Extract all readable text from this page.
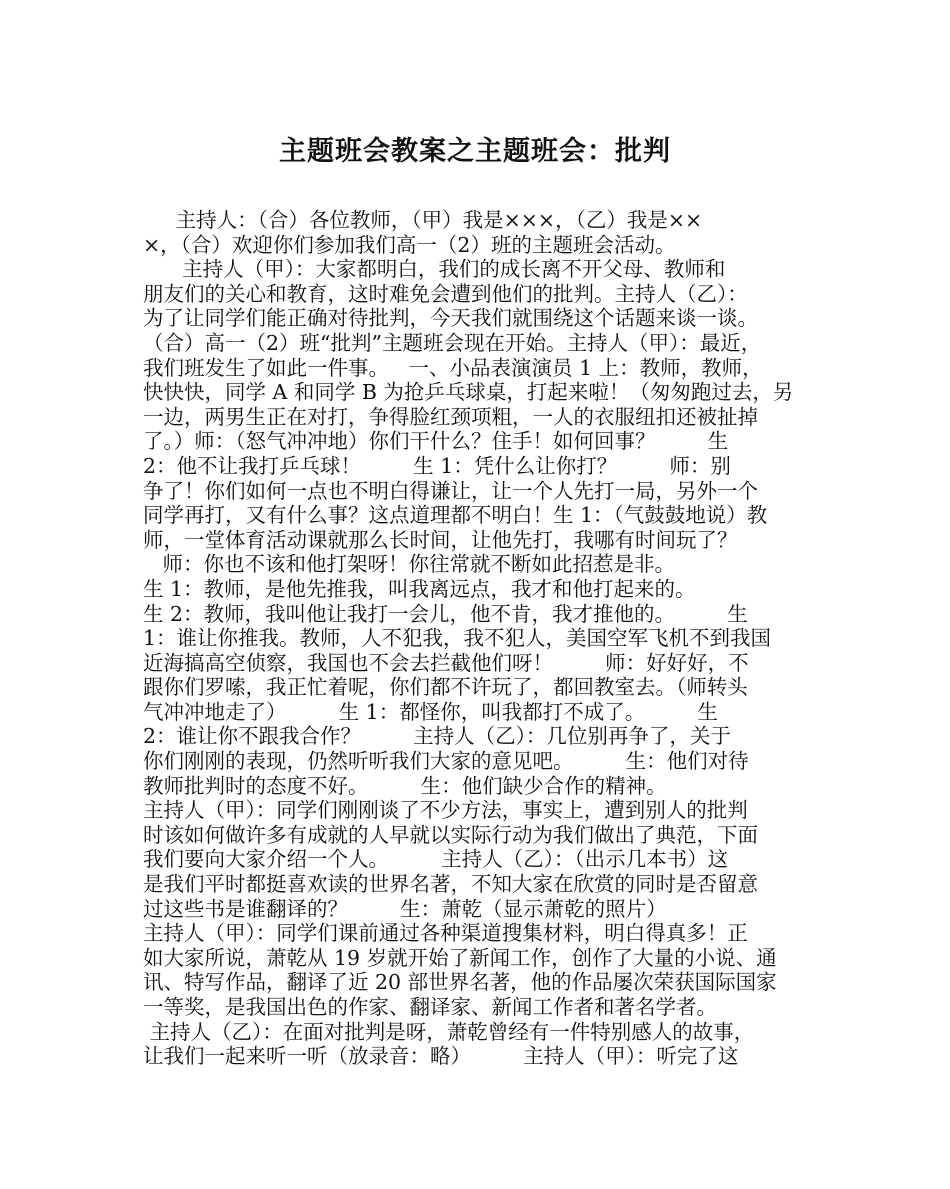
主题班会教案之主题班会：批判
主持人：（合）各位教师，（甲）我是×××，（乙）我是××
×，（合）欢迎你们参加我们高一（2）班的主题班会活动。
主持人（甲）：大家都明白，我们的成长离不开父母、教师和
朋友们的关心和教育，这时难免会遭到他们的批判。主持人（乙）：
为了让同学们能正确对待批判，今天我们就围绕这个话题来谈一谈。
（合）高一（2）班“批判”主题班会现在开始。主持人（甲）：最近，
我们班发生了如此一件事。   一、小品表演演员 1 上：教师，教师，
快快快，同学 A 和同学 B 为抢乒乓球桌，打起来啦！（匆匆跑过去，另
一边，两男生正在对打，争得脸红颈项粗，一人的衣服纽扣还被扯掉
了。）师：（怒气冲冲地）你们干什么？住手！如何回事？        生
2：他不让我打乒乓球！        生 1：凭什么让你打？        师：别
争了！你们如何一点也不明白得谦让，让一个人先打一局，另外一个
同学再打，又有什么事？这点道理都不明白！生 1：（气鼓鼓地说）教
师，一堂体育活动课就那么长时间，让他先打，我哪有时间玩了？
师：你也不该和他打架呀！你往常就不断如此招惹是非。
生 1：教师，是他先推我，叫我离远点，我才和他打起来的。
生 2：教师，我叫他让我打一会儿，他不肯，我才推他的。        生
1：谁让你推我。教师，人不犯我，我不犯人，美国空军飞机不到我国
近海搞高空侦察，我国也不会去拦截他们呀！        师：好好好，不
跟你们罗嗦，我正忙着呢，你们都不许玩了，都回教室去。（师转头
气冲冲地走了）        生 1：都怪你，叫我都打不成了。        生
2：谁让你不跟我合作？        主持人（乙）：几位别再争了，关于
你们刚刚的表现，仍然听听我们大家的意见吧。        生：他们对待
教师批判时的态度不好。        生：他们缺少合作的精神。
主持人（甲）：同学们刚刚谈了不少方法，事实上，遭到别人的批判
时该如何做许多有成就的人早就以实际行动为我们做出了典范，下面
我们要向大家介绍一个人。        主持人（乙）：（出示几本书）这
是我们平时都挺喜欢读的世界名著，不知大家在欣赏的同时是否留意
过这些书是谁翻译的？        生：萧乾（显示萧乾的照片）
主持人（甲）：同学们课前通过各种渠道搜集材料，明白得真多！正
如大家所说，萧乾从 19 岁就开始了新闻工作，创作了大量的小说、通
讯、特写作品，翻译了近 20 部世界名著，他的作品屡次荣获国际国家
一等奖，是我国出色的作家、翻译家、新闻工作者和著名学者。
主持人（乙）：在面对批判是呀，萧乾曾经有一件特别感人的故事，
让我们一起来听一听（放录音：略）        主持人（甲）：听完了这
